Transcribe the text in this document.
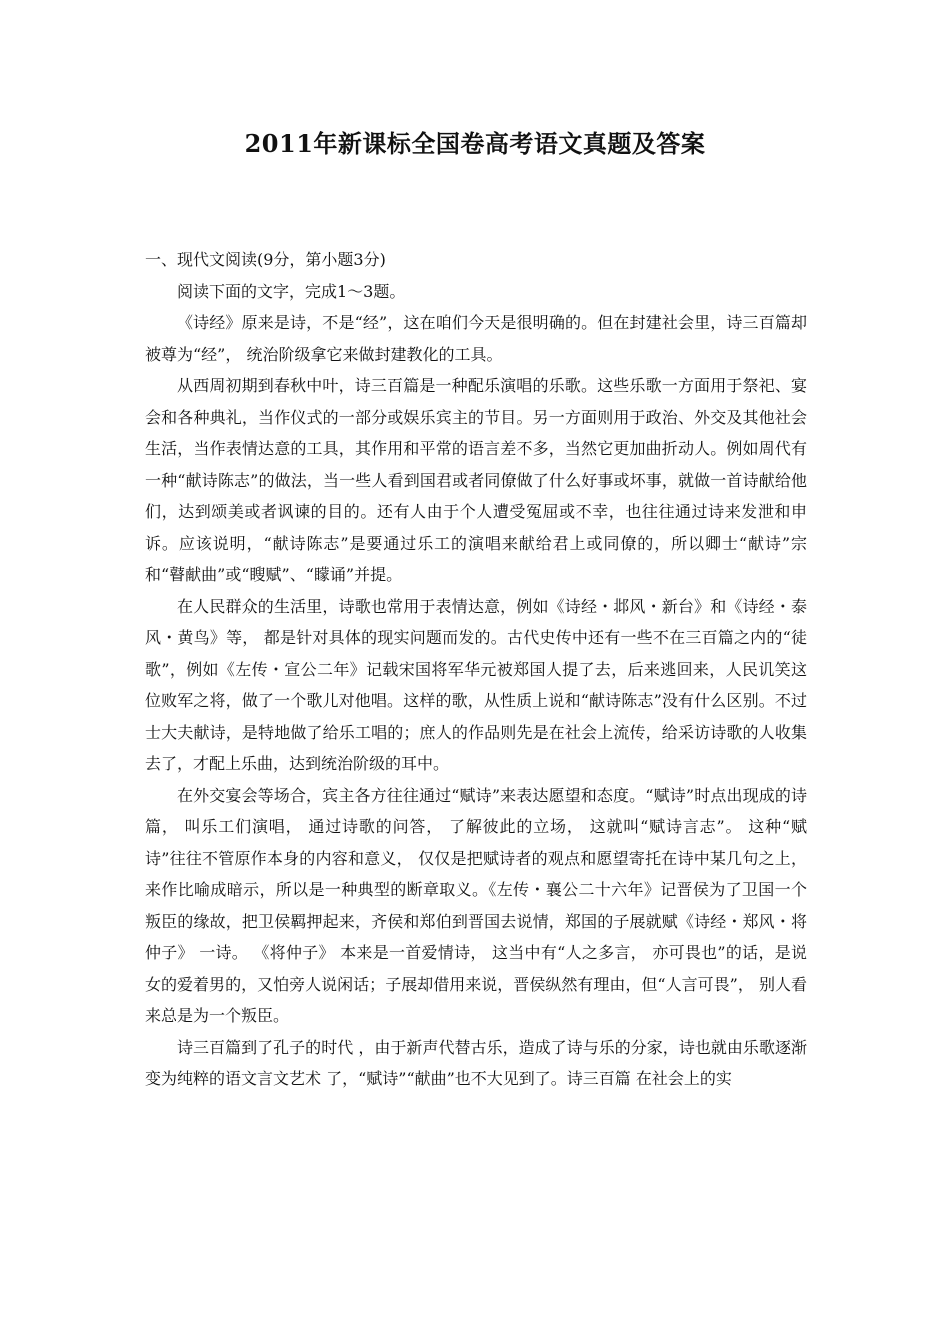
2011年新课标全国卷高考语文真题及答案

一、现代文阅读(9分，第小题3分)

阅读下面的文字，完成1～3题。

《诗经》原来是诗，不是“经”，这在咱们今天是很明确的。但在封建社会里，诗三百篇却被尊为“经”， 统治阶级拿它来做封建教化的工具。

从西周初期到春秋中叶，诗三百篇是一种配乐演唱的乐歌。这些乐歌一方面用于祭祀、宴会和各种典礼，当作仪式的一部分或娱乐宾主的节目。另一方面则用于政治、外交及其他社会生活，当作表情达意的工具，其作用和平常的语言差不多，当然它更加曲折动人。例如周代有一种“献诗陈志”的做法，当一些人看到国君或者同僚做了什么好事或坏事，就做一首诗献给他们，达到颂美或者讽谏的目的。还有人由于个人遭受冤屈或不幸，也往往通过诗来发泄和申诉。应该说明，“献诗陈志”是要通过乐工的演唱来献给君上或同僚的，所以卿士“献诗”宗和“瞽献曲”或“瞍赋”、“矇诵”并提。

在人民群众的生活里，诗歌也常用于表情达意，例如《诗经・邶风・新台》和《诗经・泰风・黄鸟》等， 都是针对具体的现实问题而发的。古代史传中还有一些不在三百篇之内的“徒歌”，例如《左传・宣公二年》记载宋国将军华元被郑国人提了去，后来逃回来，人民讥笑这位败军之将，做了一个歌儿对他唱。这样的歌，从性质上说和“献诗陈志”没有什么区别。不过士大夫献诗，是特地做了给乐工唱的；庶人的作品则先是在社会上流传，给采访诗歌的人收集去了，才配上乐曲，达到统治阶级的耳中。

在外交宴会等场合，宾主各方往往通过“赋诗”来表达愿望和态度。“赋诗”时点出现成的诗篇， 叫乐工们演唱， 通过诗歌的问答， 了解彼此的立场， 这就叫“赋诗言志”。 这种“赋诗”往往不管原作本身的内容和意义， 仅仅是把赋诗者的观点和愿望寄托在诗中某几句之上，来作比喻成暗示，所以是一种典型的断章取义。《左传・襄公二十六年》记晋侯为了卫国一个叛臣的缘故，把卫侯羁押起来，齐侯和郑伯到晋国去说情，郑国的子展就赋《诗经・郑风・将仲子》 一诗。 《将仲子》 本来是一首爱情诗， 这当中有“人之多言， 亦可畏也”的话，是说女的爱着男的，又怕旁人说闲话；子展却借用来说，晋侯纵然有理由，但“人言可畏”， 别人看来总是为一个叛臣。

诗三百篇到了孔子的时代 ，由于新声代替古乐，造成了诗与乐的分家，诗也就由乐歌逐渐变为纯粹的语文言文艺术 了，“赋诗”“献曲”也不大见到了。诗三百篇 在社会上的实
